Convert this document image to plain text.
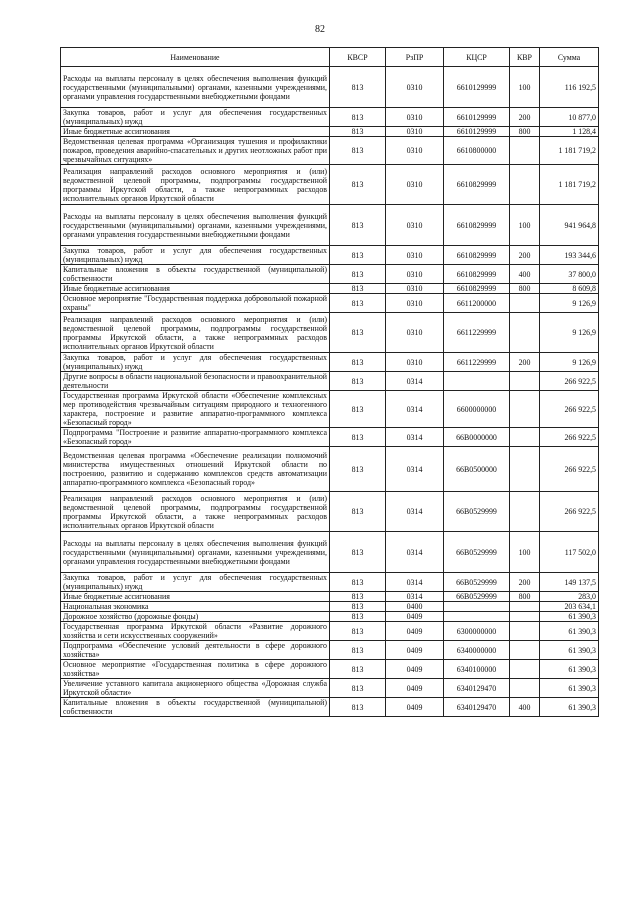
82
Наименование	КВСР	РзПР	КЦСР	КВР	Сумма
Расходы на выплаты персоналу в целях обеспечения выполнения функций государственными (муниципальными) органами, казенными учреждениями, органами управления государственными внебюджетными фондами	813	0310	6610129999	100	116 192,5
Закупка товаров, работ и услуг для обеспечения государственных (муниципальных) нужд	813	0310	6610129999	200	10 877,0
Иные бюджетные ассигнования	813	0310	6610129999	800	1 128,4
Ведомственная целевая программа «Организация тушения и профилактики пожаров, проведения аварийно-спасательных и других неотложных работ при чрезвычайных ситуациях»	813	0310	6610800000		1 181 719,2
Реализация направлений расходов основного мероприятия и (или) ведомственной целевой программы, подпрограммы государственной программы Иркутской области, а также непрограммных расходов исполнительных органов Иркутской области	813	0310	6610829999		1 181 719,2
Расходы на выплаты персоналу в целях обеспечения выполнения функций государственными (муниципальными) органами, казенными учреждениями, органами управления государственными внебюджетными фондами	813	0310	6610829999	100	941 964,8
Закупка товаров, работ и услуг для обеспечения государственных (муниципальных) нужд	813	0310	6610829999	200	193 344,6
Капитальные вложения в объекты государственной (муниципальной) собственности	813	0310	6610829999	400	37 800,0
Иные бюджетные ассигнования	813	0310	6610829999	800	8 609,8
Основное мероприятие "Государственная поддержка добровольной пожарной охраны"	813	0310	6611200000		9 126,9
Реализация направлений расходов основного мероприятия и (или) ведомственной целевой программы, подпрограммы государственной программы Иркутской области, а также непрограммных расходов исполнительных органов Иркутской области	813	0310	6611229999		9 126,9
Закупка товаров, работ и услуг для обеспечения государственных (муниципальных) нужд	813	0310	6611229999	200	9 126,9
Другие вопросы в области национальной безопасности и правоохранительной деятельности	813	0314			266 922,5
Государственная программа Иркутской области «Обеспечение комплексных мер противодействия чрезвычайным ситуациям природного и техногенного характера, построение и развитие аппаратно-программного комплекса «Безопасный город»	813	0314	6600000000		266 922,5
Подпрограмма "Построение и развитие аппаратно-программного комплекса «Безопасный город»	813	0314	66B0000000		266 922,5
Ведомственная целевая программа «Обеспечение реализации полномочий министерства имущественных отношений Иркутской области по построению, развитию и содержанию комплексов средств автоматизации аппаратно-программного комплекса «Безопасный город»	813	0314	66B0500000		266 922,5
Реализация направлений расходов основного мероприятия и (или) ведомственной целевой программы, подпрограммы государственной программы Иркутской области, а также непрограммных расходов исполнительных органов Иркутской области	813	0314	66B0529999		266 922,5
Расходы на выплаты персоналу в целях обеспечения выполнения функций государственными (муниципальными) органами, казенными учреждениями, органами управления государственными внебюджетными фондами	813	0314	66B0529999	100	117 502,0
Закупка товаров, работ и услуг для обеспечения государственных (муниципальных) нужд	813	0314	66B0529999	200	149 137,5
Иные бюджетные ассигнования	813	0314	66B0529999	800	283,0
Национальная экономика	813	0400			203 634,1
Дорожное хозяйство (дорожные фонды)	813	0409			61 390,3
Государственная программа Иркутской области «Развитие дорожного хозяйства и сети искусственных сооружений»	813	0409	6300000000		61 390,3
Подпрограмма «Обеспечение условий деятельности в сфере дорожного хозяйства»	813	0409	6340000000		61 390,3
Основное мероприятие «Государственная политика в сфере дорожного хозяйства»	813	0409	6340100000		61 390,3
Увеличение уставного капитала акционерного общества «Дорожная служба Иркутской области»	813	0409	6340129470		61 390,3
Капитальные вложения в объекты государственной (муниципальной) собственности	813	0409	6340129470	400	61 390,3
